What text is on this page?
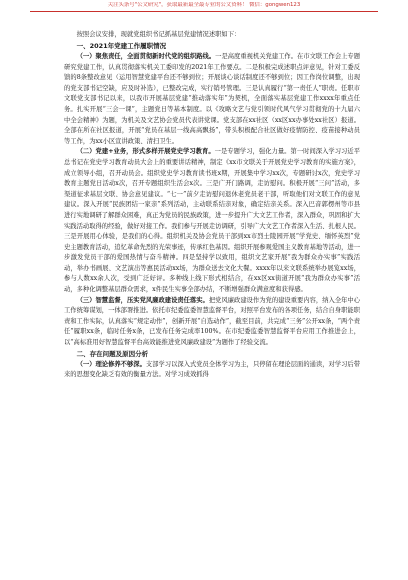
关注头条号"公文研究"，获取最新最全最专业的公文资料！ 微信：gongwen123

按照会议安排，现就党组织书记抓基层党建情况述职如下：

一、2021年党建工作履职情况

（一）聚焦责任，全面贯彻新时代党的组织路线。一是高度重视机关党建工作。在市文联工作会上专题研究党建工作，认真贯彻落实机关工委印发的2021年工作要点。二是积极完成述职点评意见，针对工委反馈的8条整改意见（运用智慧党建平台还不够到位；开展谈心谈话制度还不够到位；因工作岗位调整，出现的党支部书记空缺，应及时补选），已整改完成，实行销号管理。三是认真履行“第一责任人”职责。任职市文联党支部书记以来，以我市开展基层党建“推动落实年”为契机，全面落实基层党建工作xxxx年重点任务。扎实开展“三会一课”，主题党日等基本制度。以《攻略文艺与党引领时代风气学习贯彻党的十九届六中全会精神》为题，为机关及文艺协会党员代表讲党课。党支部在xx社区（xx区xx办事处xx社区）报道。全部在所在社区报道，开展“党员在基层一线高高飘扬”，带头积极配合社区做好疫情防控、疫苗接种动员等工作，为xx小区宣讲政策、清扫卫生。

（二）党建+业务，形式多样开展党史学习教育。一是专题学习，强化力量。第一时间深入学习习近平总书记在党史学习教育动员大会上的重要讲话精神，制定《xx市文联关于开展党史学习教育的实施方案》，成立领导小组，召开动员会。组织党史学习教育读书班x期，开展集中学习xx次，专题研讨x次，党史学习教育主题党日活动x次，召开专题组织生活会x次。三是广开门路调，走访慰问。积极开展“三问”活动，多渠道征求基层文联、协会意见建议。“七一”前夕走访慰问退休老党员老干部，听取他们对文联工作的意见建议。深入开展“民族团结一家亲”系列活动，主动联系结亲对象，确定结亲关系。深入巴音郭楞州等市县进行实地调研了解群众困难，真正为党员的民族政策，进一步提升广大文艺工作者，深入群众，巩固和扩大实践活动取得的经验，做好对接工作。我们参与开展走访调研，引导广大文艺工作者深入生活、扎根人民。三是开展用心体验，是我们的心得。组织机关及协会党员干部到xx市烈士陵园开展“学党史、缅怀英烈”党史主题教育活动，追忆革命先烈的光荣事迹，传承红色基因。组织开展参观爱国主义教育基地等活动，进一步激发党员干部的爱国热情与奋斗精神。四是坚持学以致用，组织文艺家开展“我为群众办实事”实践活动，举办书画展、文艺演出等惠民活动xx场，为群众送去文化大餐。xxxx年以来文联系统举办展览xx场，参与人数xx余人次，受到广泛好评。多种线上线下形式相结合，在xx区xx街道开展“我为群众办实事”活动，多种化调整基层群众需求，x件民生实事全部办结，不断增强群众满意度和获得感。

（三）智慧监督，压实党风廉政建设责任落实。把党风廉政建设作为党的建设重要内容，纳入全年中心工作统筹谋划，一体部署推进。依托市纪委监委智慧监督平台，对照平台发布的各项任务，结合自身职能职责和工作实际，认真落实“规定动作”，创新开展“自选动作”，截至目前，共完成“三务”公开xx条，“两个责任”履职xx条，临时任务x条，已发布任务完成率100%。在市纪委监委智慧监督平台应用工作推进会上，以“高标准用好智慧监督平台高效能推进党风廉政建设”为题作了经验交流。

二、存在问题及原因分析

（一）理论修养不够深。支部学习以深入式党员全体学习为主，只停留在理论层面的通读，对学习后带来的思想变化缺乏有效的衡量方法。对学习成效抓得
